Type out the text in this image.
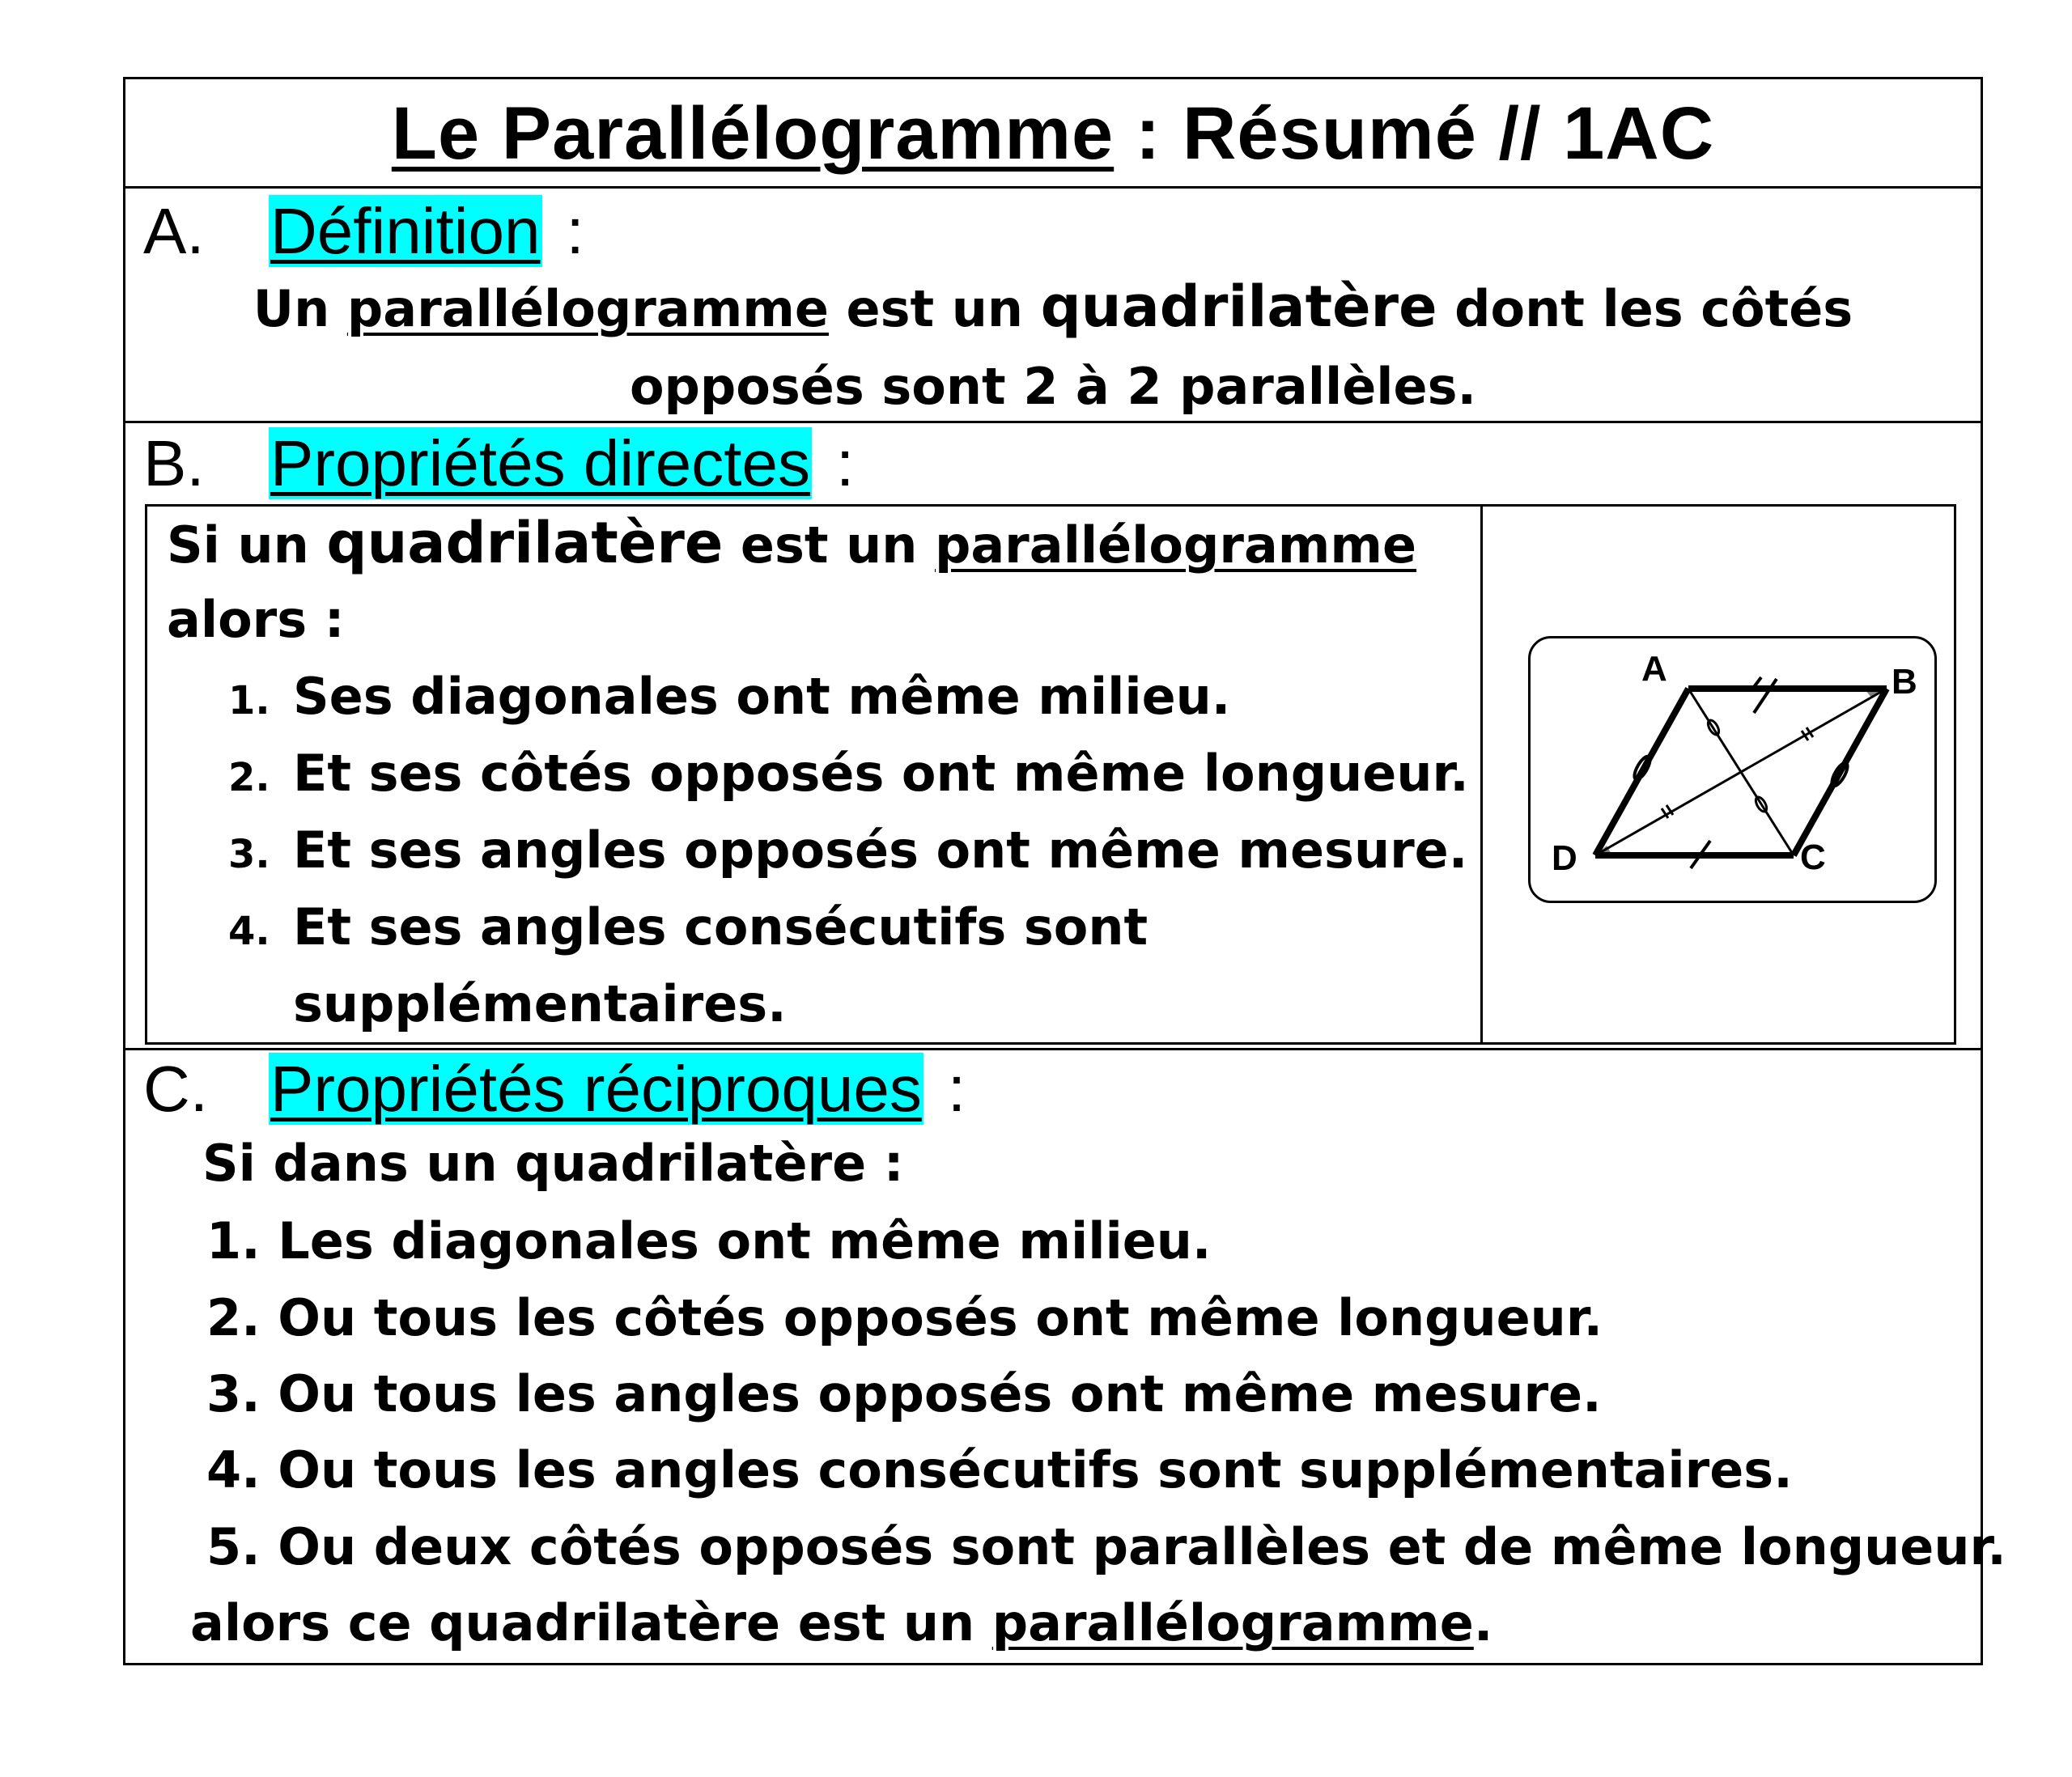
Le Parallélogramme : Résumé // 1AC
A. Définition :
Un parallélogramme est un quadrilatère dont les côtés
opposés sont 2 à 2 parallèles.
B. Propriétés directes :
Si un quadrilatère est un parallélogramme
alors :
1. Ses diagonales ont même milieu.
2. Et ses côtés opposés ont même longueur.
3. Et ses angles opposés ont même mesure.
4. Et ses angles consécutifs sont
supplémentaires.
C. Propriétés réciproques :
Si dans un quadrilatère :
1. Les diagonales ont même milieu.
2. Ou tous les côtés opposés ont même longueur.
3. Ou tous les angles opposés ont même mesure.
4. Ou tous les angles consécutifs sont supplémentaires.
5. Ou deux côtés opposés sont parallèles et de même longueur.
alors ce quadrilatère est un parallélogramme.
A	B
C
D
